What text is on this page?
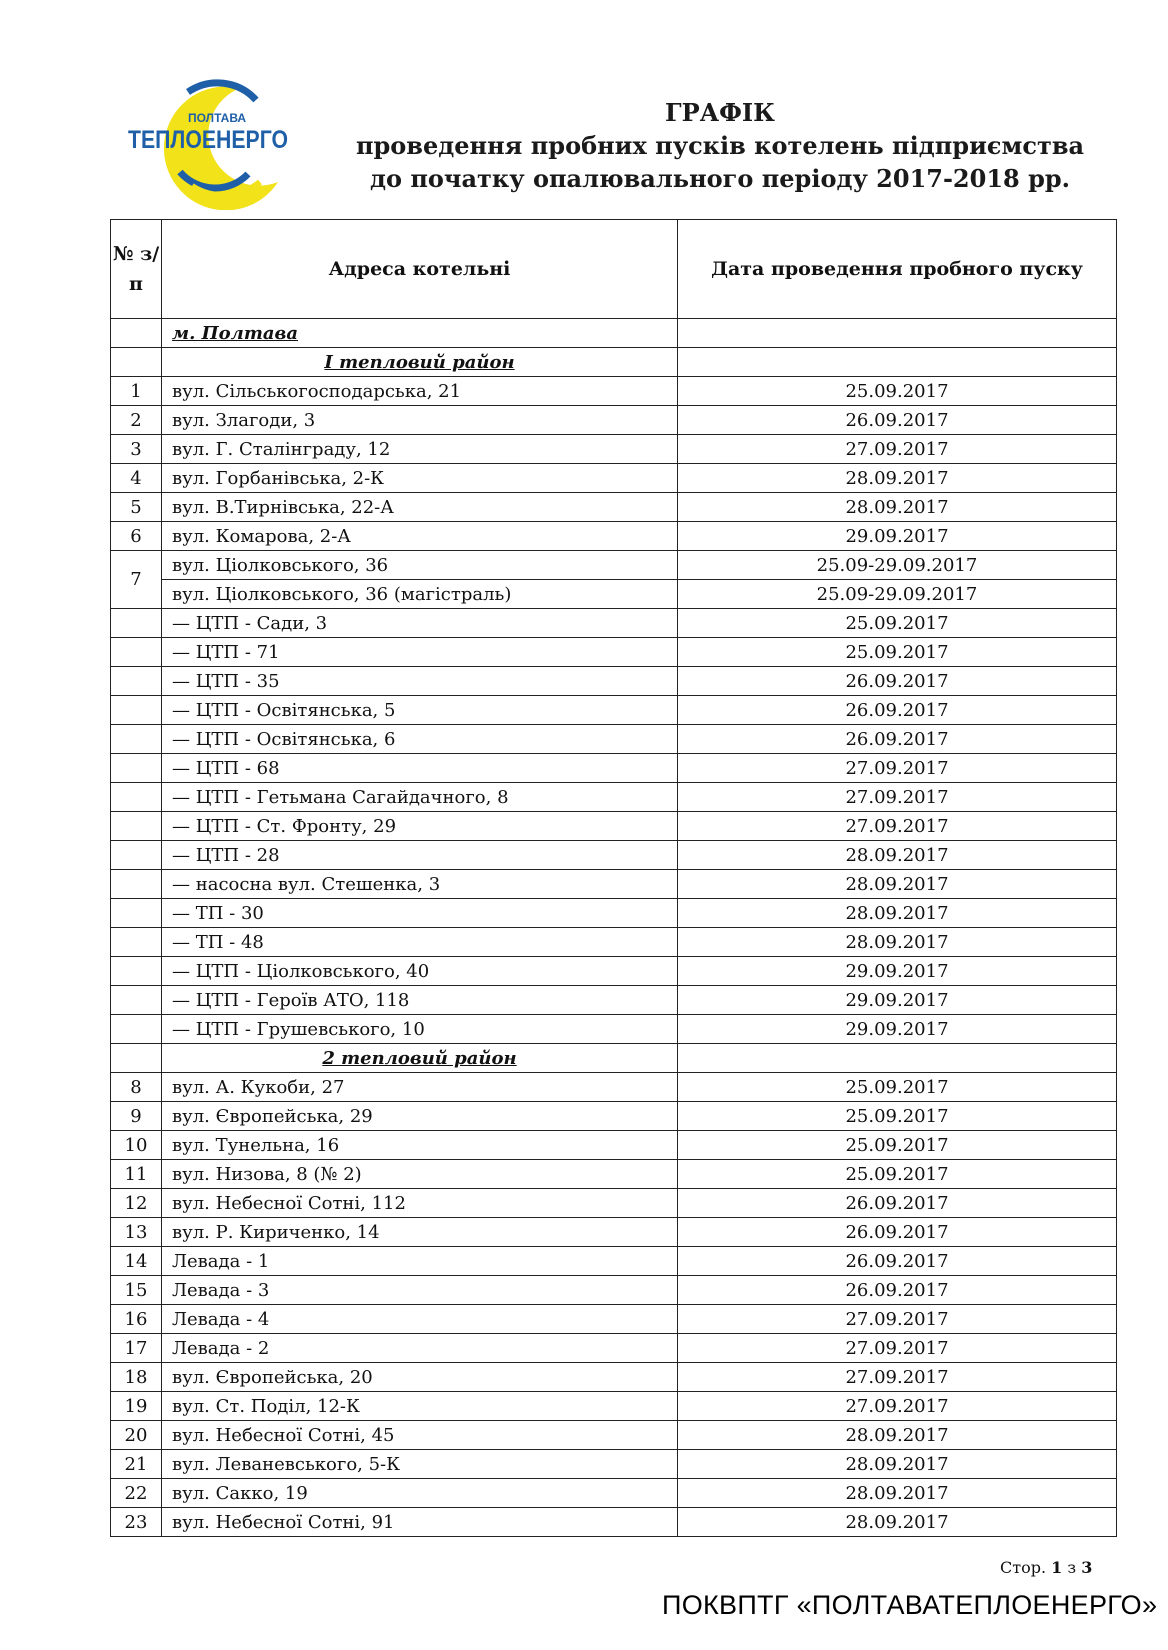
ПОЛТАВА
ТЕПЛОЕНЕРГО
ГРАФІК
проведення пробних пусків котелень підприємства
до початку опалювального періоду 2017-2018 рр.
№ з/п	Адреса котельні	Дата проведення пробного пуску
	м. Полтава	
	І тепловий район	
1	вул. Сільськогосподарська, 21	25.09.2017
2	вул. Злагоди, 3	26.09.2017
3	вул. Г. Сталінграду, 12	27.09.2017
4	вул. Горбанівська, 2-К	28.09.2017
5	вул. В.Тирнівська, 22-А	28.09.2017
6	вул. Комарова, 2-А	29.09.2017
7	вул. Ціолковського, 36	25.09-29.09.2017
	вул. Ціолковського, 36 (магістраль)	25.09-29.09.2017
	— ЦТП - Сади, 3	25.09.2017
	— ЦТП - 71	25.09.2017
	— ЦТП - 35	26.09.2017
	— ЦТП - Освітянська, 5	26.09.2017
	— ЦТП - Освітянська, 6	26.09.2017
	— ЦТП - 68	27.09.2017
	— ЦТП - Гетьмана Сагайдачного, 8	27.09.2017
	— ЦТП - Ст. Фронту, 29	27.09.2017
	— ЦТП - 28	28.09.2017
	— насосна вул. Стешенка, 3	28.09.2017
	— ТП - 30	28.09.2017
	— ТП - 48	28.09.2017
	— ЦТП - Ціолковського, 40	29.09.2017
	— ЦТП - Героїв АТО, 118	29.09.2017
	— ЦТП - Грушевського, 10	29.09.2017
	2 тепловий район	
8	вул. А. Кукоби, 27	25.09.2017
9	вул. Європейська, 29	25.09.2017
10	вул. Тунельна, 16	25.09.2017
11	вул. Низова, 8 (№ 2)	25.09.2017
12	вул. Небесної Сотні, 112	26.09.2017
13	вул. Р. Кириченко, 14	26.09.2017
14	Левада - 1	26.09.2017
15	Левада - 3	26.09.2017
16	Левада - 4	27.09.2017
17	Левада - 2	27.09.2017
18	вул. Європейська, 20	27.09.2017
19	вул. Ст. Поділ, 12-К	27.09.2017
20	вул. Небесної Сотні, 45	28.09.2017
21	вул. Леваневського, 5-К	28.09.2017
22	вул. Сакко, 19	28.09.2017
23	вул. Небесної Сотні, 91	28.09.2017
Стор. 1 з 3
ПОКВПТГ «ПОЛТАВАТЕПЛОЕНЕРГО»
